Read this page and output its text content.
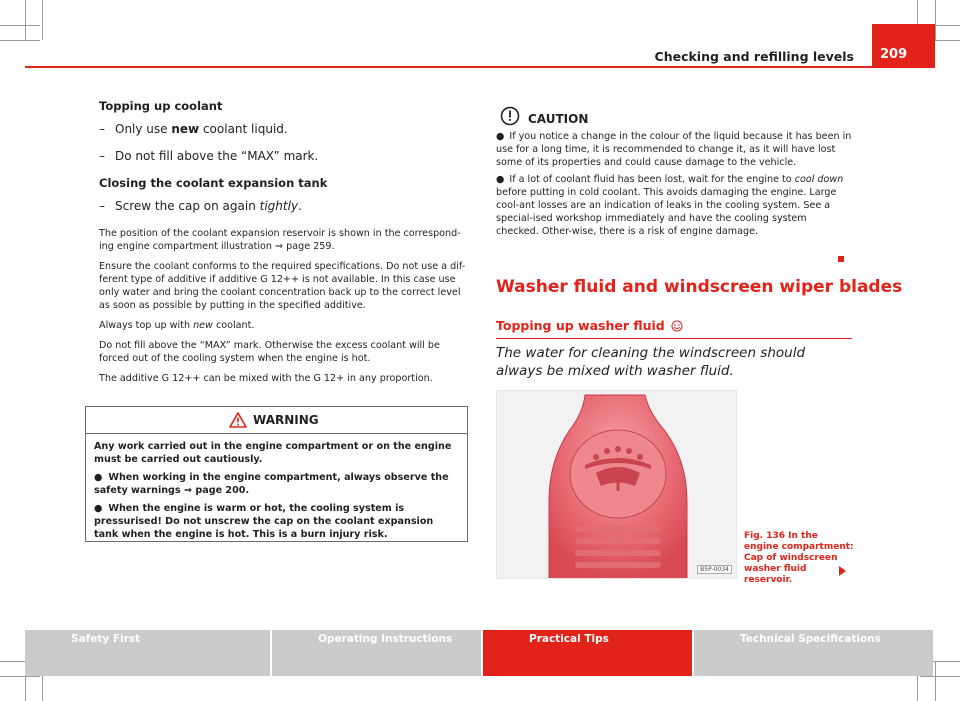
Checking and refilling levels	209
Topping up coolant
– Only use new coolant liquid.
– Do not fill above the “MAX” mark.
Closing the coolant expansion tank
– Screw the cap on again tightly.

The position of the coolant expansion reservoir is shown in the correspond-ing engine compartment illustration ⇒ page 259.

Ensure the coolant conforms to the required specifications. Do not use a dif-ferent type of additive if additive G 12++ is not available. In this case use only water and bring the coolant concentration back up to the correct level as soon as possible by putting in the specified additive.

Always top up with new coolant.

Do not fill above the “MAX” mark. Otherwise the excess coolant will be forced out of the cooling system when the engine is hot.

The additive G 12++ can be mixed with the G 12+ in any proportion.

WARNING

Any work carried out in the engine compartment or on the engine must be carried out cautiously.

● When working in the engine compartment, always observe the safety warnings ⇒ page 200.

● When the engine is warm or hot, the cooling system is pressurised! Do not unscrew the cap on the coolant expansion tank when the engine is hot. This is a burn injury risk.

CAUTION

● If you notice a change in the colour of the liquid because it has been in use for a long time, it is recommended to change it, as it will have lost some of its properties and could cause damage to the vehicle.

● If a lot of coolant fluid has been lost, wait for the engine to cool down before putting in cold coolant. This avoids damaging the engine. Large cool-ant losses are an indication of leaks in the cooling system. See a special-ised workshop immediately and have the cooling system checked. Other-wise, there is a risk of engine damage.

Washer fluid and windscreen wiper blades
Topping up washer fluid

The water for cleaning the windscreen should always be mixed with washer fluid.

B5P-0034
Fig. 136 In the engine compartment: Cap of windscreen washer fluid reservoir.
Safety First	Operating Instructions	Practical Tips	Technical Specifications
